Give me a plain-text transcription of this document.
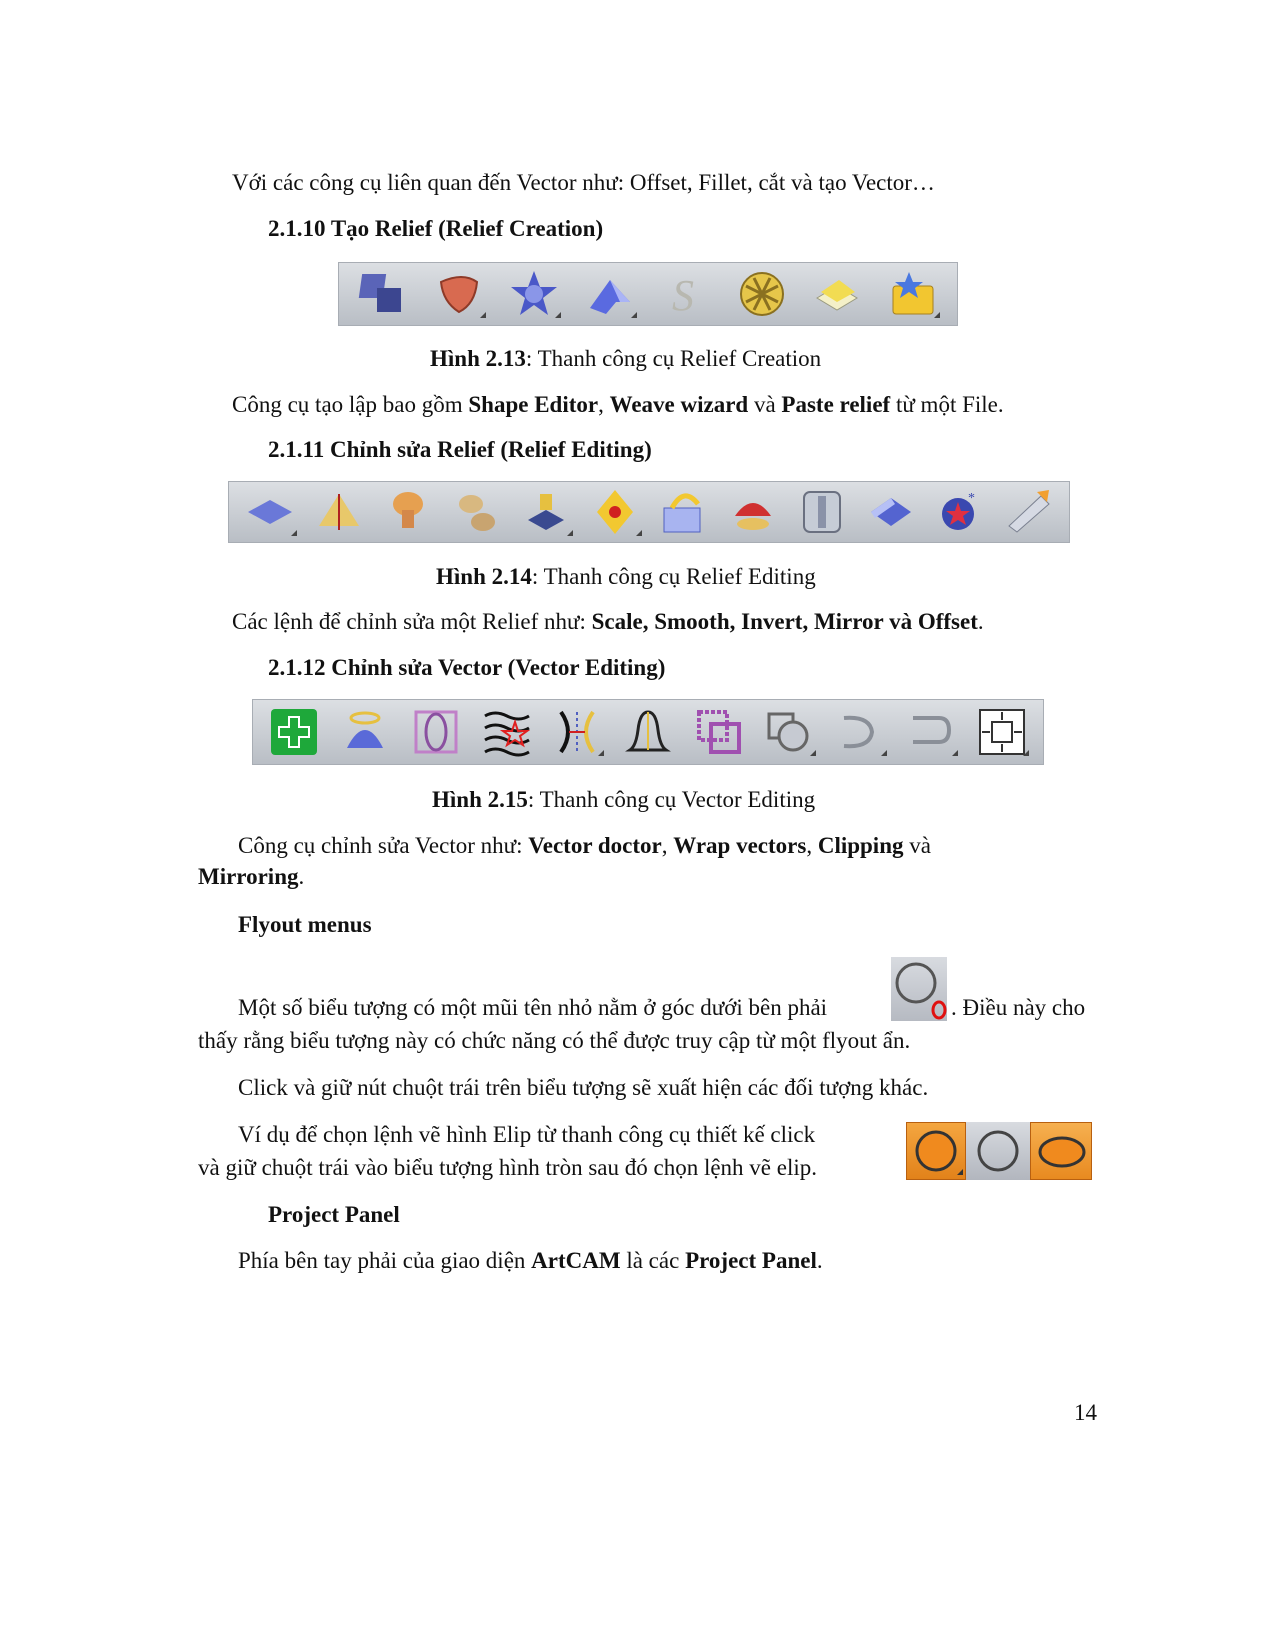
Với các công cụ liên quan đến Vector như: Offset, Fillet, cắt và tạo Vector…
2.1.10 Tạo Relief (Relief Creation)
S
Hình 2.13: Thanh công cụ Relief Creation
Công cụ tạo lập bao gồm Shape Editor, Weave wizard và Paste relief từ một File.
2.1.11 Chỉnh sửa Relief (Relief Editing)
*
Hình 2.14: Thanh công cụ Relief Editing
Các lệnh để chỉnh sửa một Relief như: Scale, Smooth, Invert, Mirror và Offset.
2.1.12 Chỉnh sửa Vector (Vector Editing)
Hình 2.15: Thanh công cụ Vector Editing
Công cụ chỉnh sửa Vector như: Vector doctor, Wrap vectors, Clipping và
Mirroring.
Flyout menus
Một số biểu tượng có một mũi tên nhỏ nằm ở góc dưới bên phải	. Điều này cho
thấy rằng biểu tượng này có chức năng có thể được truy cập từ một flyout ẩn.
Click và giữ nút chuột trái trên biểu tượng sẽ xuất hiện các đối tượng khác.
Ví dụ để chọn lệnh vẽ hình Elip từ thanh công cụ thiết kế click
và giữ chuột trái vào biểu tượng hình tròn sau đó chọn lệnh vẽ elip.
Project Panel
Phía bên tay phải của giao diện ArtCAM là các Project Panel.
14
